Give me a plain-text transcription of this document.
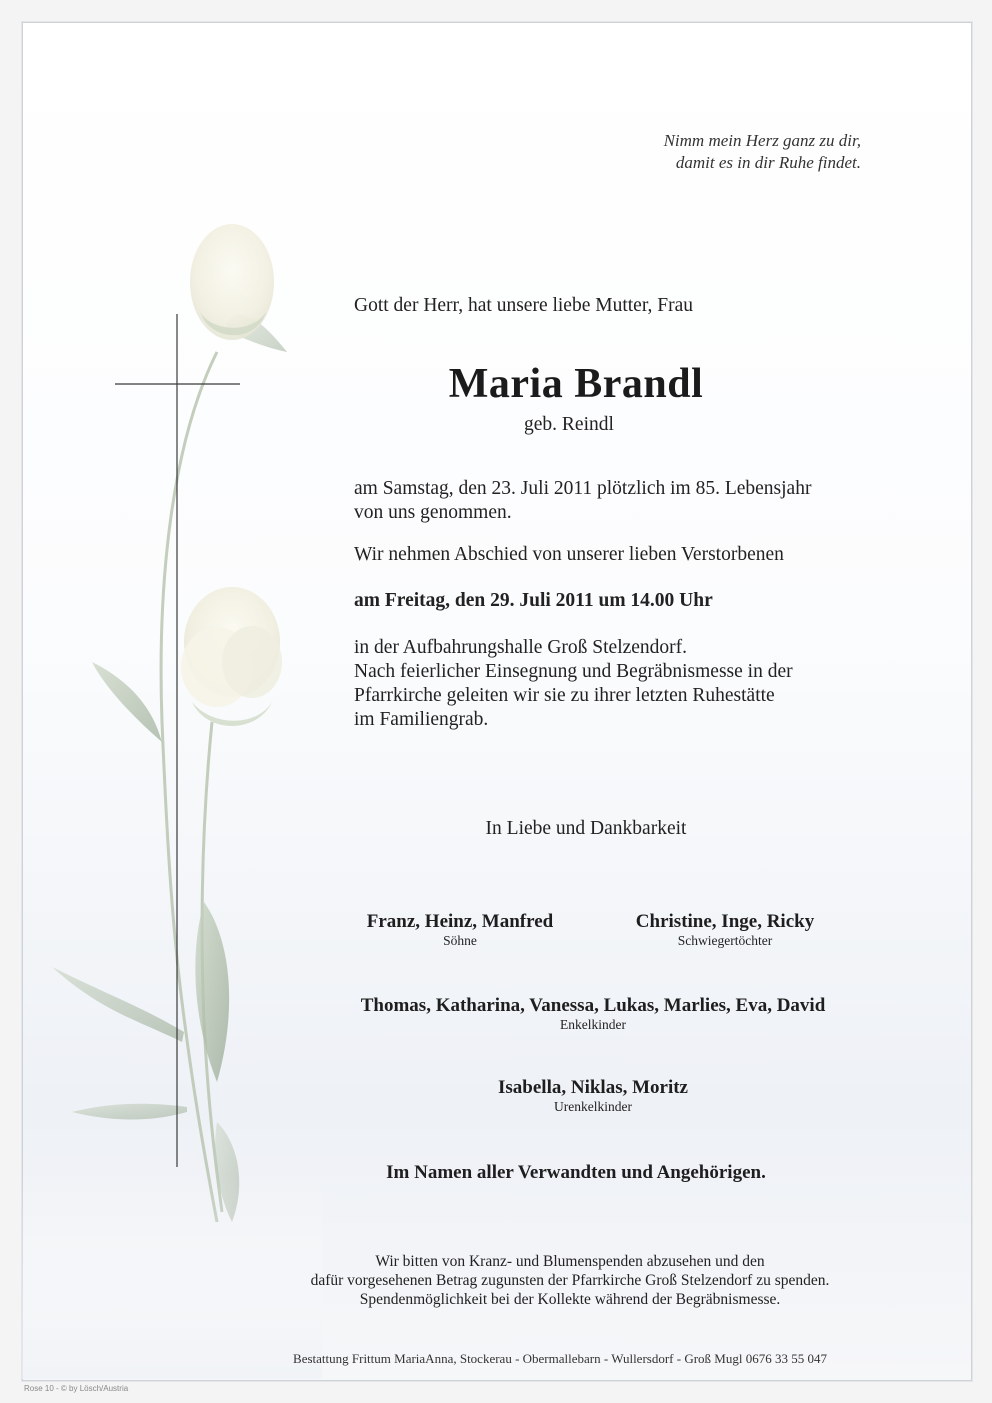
Nimm mein Herz ganz zu dir,
damit es in dir Ruhe findet.
Gott der Herr, hat unsere liebe Mutter, Frau
Maria Brandl
geb. Reindl
am Samstag, den 23. Juli 2011 plötzlich im 85. Lebensjahr
von uns genommen.
Wir nehmen Abschied von unserer lieben Verstorbenen
am Freitag, den 29. Juli 2011 um 14.00 Uhr
in der Aufbahrungshalle Groß Stelzendorf.
Nach feierlicher Einsegnung und Begräbnismesse in der
Pfarrkirche geleiten wir sie zu ihrer letzten Ruhestätte
im Familiengrab.
In Liebe und Dankbarkeit
Franz, Heinz, Manfred
Söhne
Christine, Inge, Ricky
Schwiegertöchter
Thomas, Katharina, Vanessa, Lukas, Marlies, Eva, David
Enkelkinder
Isabella, Niklas, Moritz
Urenkelkinder
Im Namen aller Verwandten und Angehörigen.
Wir bitten von Kranz- und Blumenspenden abzusehen und den
dafür vorgesehenen Betrag zugunsten der Pfarrkirche Groß Stelzendorf zu spenden.
Spendenmöglichkeit bei der Kollekte während der Begräbnismesse.
Bestattung Frittum MariaAnna, Stockerau - Obermallebarn - Wullersdorf - Groß Mugl 0676 33 55 047
Rose 10 - © by Lösch/Austria
